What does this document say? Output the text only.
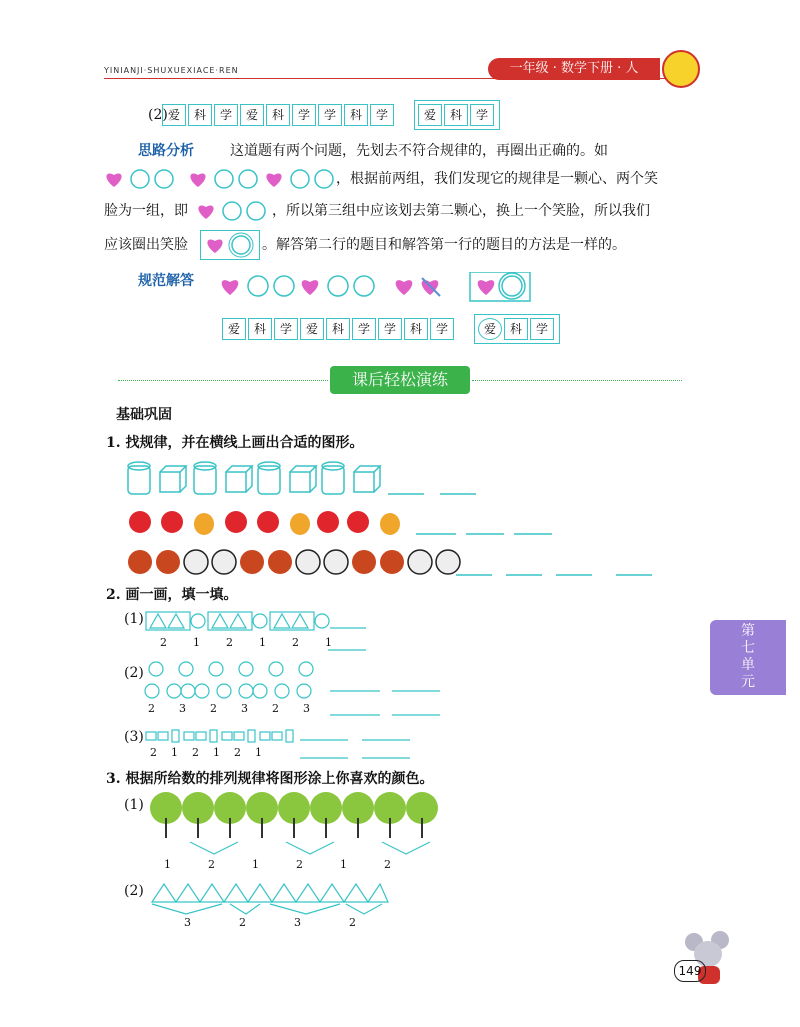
YINIANJI·SHUXUEXIACE·REN	一年级 · 数学下册 · 人
(2) 爱	科	学	爱	科	学	学	科	学	爱	科	学
思路分析	这道题有两个问题，先划去不符合规律的，再圈出正确的。如
，根据前两组，我们发现它的规律是一颗心、两个笑
脸为一组，即	，所以第三组中应该划去第二颗心，换上一个笑脸，所以我们
应该圈出笑脸	。解答第二行的题目和解答第一行的题目的方法是一样的。
规范解答
爱	科	学	爱	科	学	学	科	学	爱	科	学
课后轻松演练
基础巩固
1. 找规律，并在横线上画出合适的图形。
2. 画一画，填一填。
(1)
2 1 2 1 2 1
(2)
2 3 2 3 2 3
(3)
2 1 2 1 2 1
3. 根据所给数的排列规律将图形涂上你喜欢的颜色。
(1)
1	2	1	2	1	2
(2)
3	2	3	2
第
七
单
元
149
